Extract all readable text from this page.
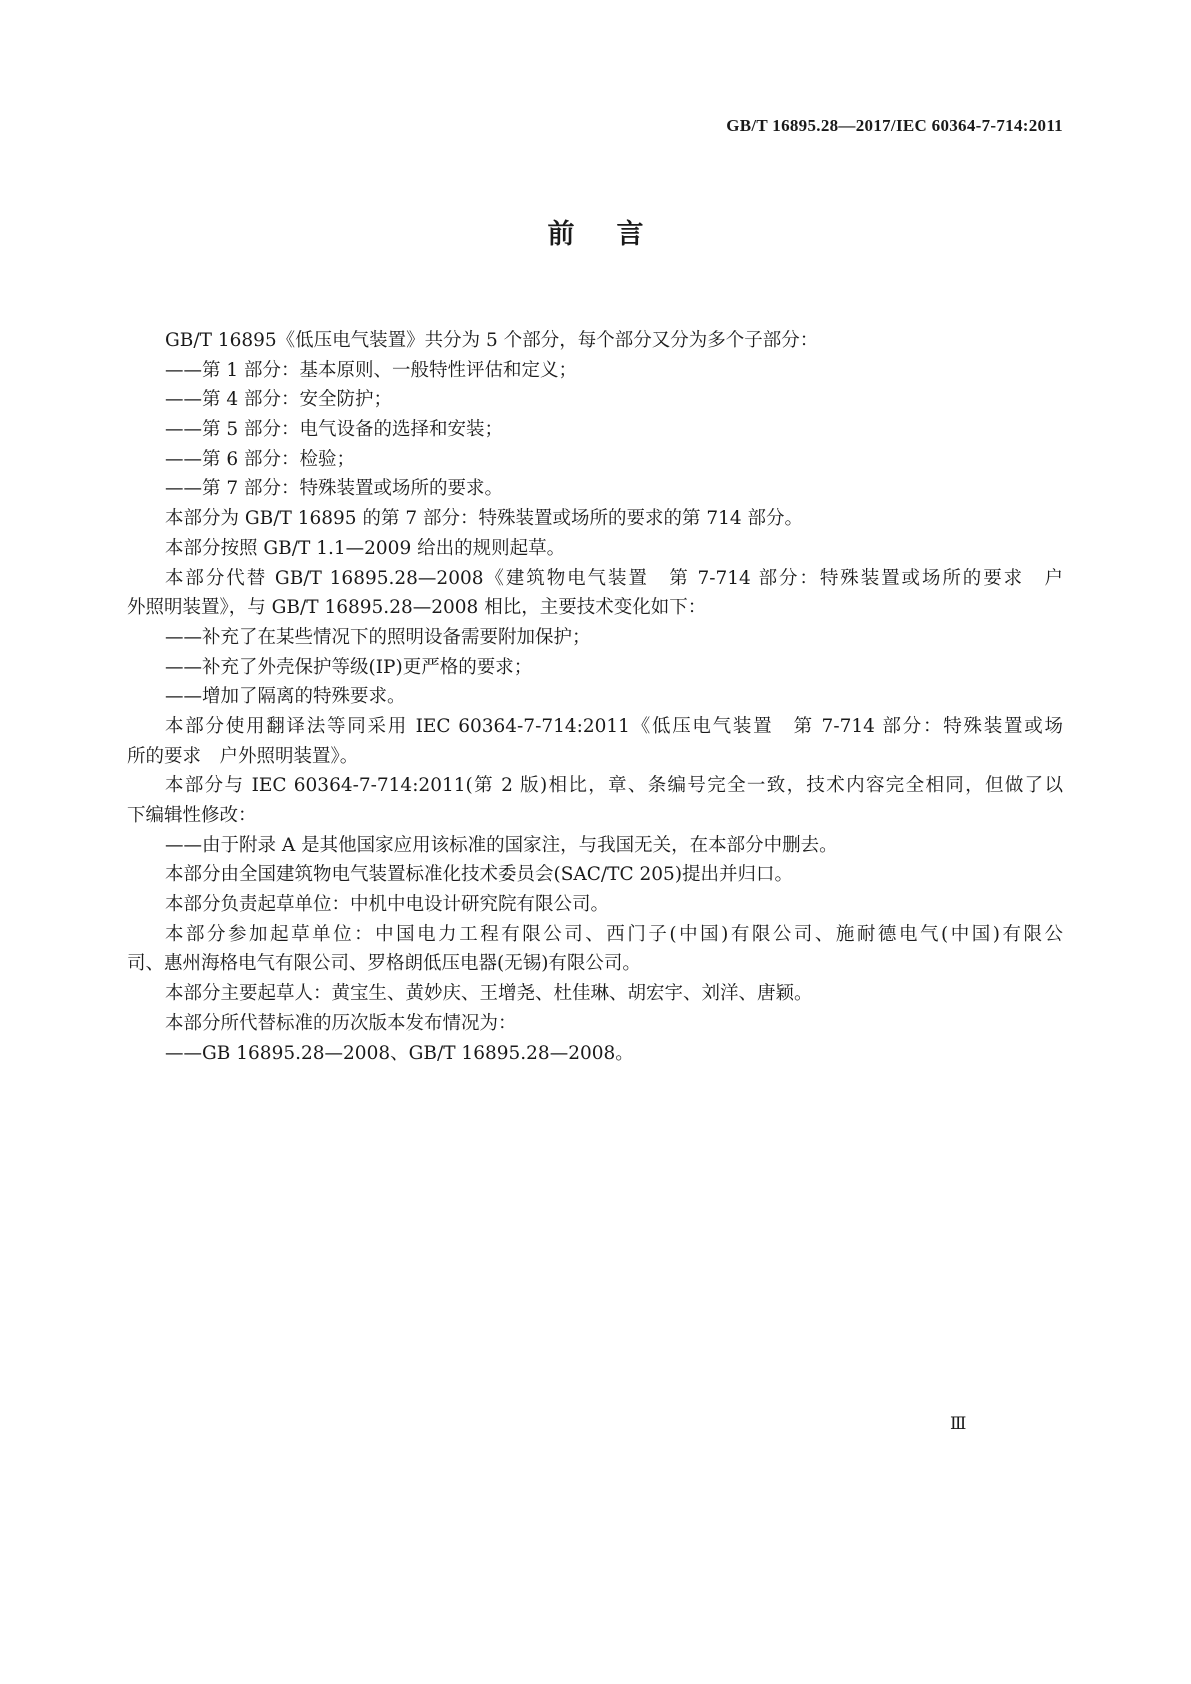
GB/T 16895.28—2017/IEC 60364-7-714:2011
前 言
GB/T 16895《低压电气装置》共分为 5 个部分，每个部分又分为多个子部分：
——第 1 部分：基本原则、一般特性评估和定义；
——第 4 部分：安全防护；
——第 5 部分：电气设备的选择和安装；
——第 6 部分：检验；
——第 7 部分：特殊装置或场所的要求。
本部分为 GB/T 16895 的第 7 部分：特殊装置或场所的要求的第 714 部分。
本部分按照 GB/T 1.1—2009 给出的规则起草。
本部分代替 GB/T 16895.28—2008《建筑物电气装置　第 7-714 部分：特殊装置或场所的要求　户
外照明装置》，与 GB/T 16895.28—2008 相比，主要技术变化如下：
——补充了在某些情况下的照明设备需要附加保护；
——补充了外壳保护等级(IP)更严格的要求；
——增加了隔离的特殊要求。
本部分使用翻译法等同采用 IEC 60364-7-714:2011《低压电气装置　第 7-714 部分：特殊装置或场
所的要求　户外照明装置》。
本部分与 IEC 60364-7-714:2011(第 2 版)相比，章、条编号完全一致，技术内容完全相同，但做了以
下编辑性修改：
——由于附录 A 是其他国家应用该标准的国家注，与我国无关，在本部分中删去。
本部分由全国建筑物电气装置标准化技术委员会(SAC/TC 205)提出并归口。
本部分负责起草单位：中机中电设计研究院有限公司。
本部分参加起草单位：中国电力工程有限公司、西门子(中国)有限公司、施耐德电气(中国)有限公
司、惠州海格电气有限公司、罗格朗低压电器(无锡)有限公司。
本部分主要起草人：黄宝生、黄妙庆、王增尧、杜佳琳、胡宏宇、刘洋、唐颖。
本部分所代替标准的历次版本发布情况为：
——GB 16895.28—2008、GB/T 16895.28—2008。
Ⅲ
